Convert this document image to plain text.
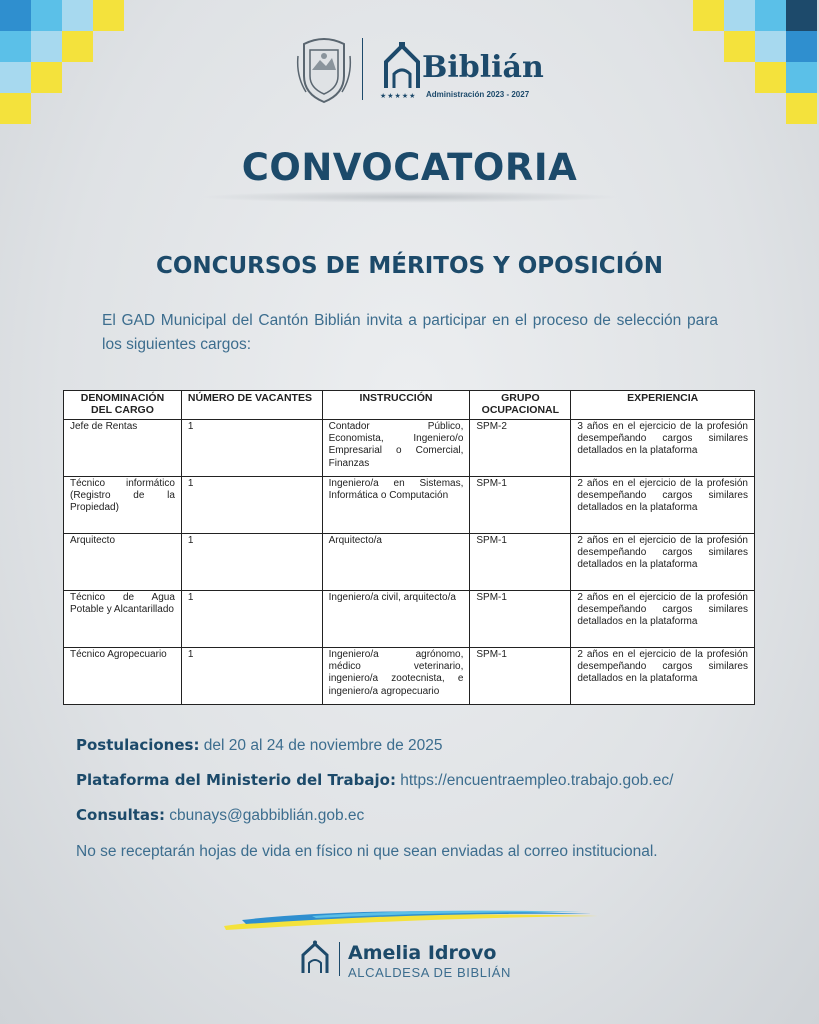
Biblián
★★★★★ Administración 2023 - 2027
CONVOCATORIA
CONCURSOS DE MÉRITOS Y OPOSICIÓN
El GAD Municipal del Cantón Biblián invita a participar en el proceso de selección para los siguientes cargos:
DENOMINACIÓN DEL CARGO	NÚMERO DE VACANTES	INSTRUCCIÓN	GRUPO OCUPACIONAL	EXPERIENCIA
Jefe de Rentas	1	Contador Público, Economista, Ingeniero/o Empresarial o Comercial, Finanzas	SPM-2	3 años en el ejercicio de la profesión desempeñando cargos similares detallados en la plataforma
Técnico informático (Registro de la Propiedad)	1	Ingeniero/a en Sistemas, Informática o Computación	SPM-1	2 años en el ejercicio de la profesión desempeñando cargos similares detallados en la plataforma
Arquitecto	1	Arquitecto/a	SPM-1	2 años en el ejercicio de la profesión desempeñando cargos similares detallados en la plataforma
Técnico de Agua Potable y Alcantarillado	1	Ingeniero/a civil, arquitecto/a	SPM-1	2 años en el ejercicio de la profesión desempeñando cargos similares detallados en la plataforma
Técnico Agropecuario	1	Ingeniero/a agrónomo, médico veterinario, ingeniero/a zootecnista, e ingeniero/a agropecuario	SPM-1	2 años en el ejercicio de la profesión desempeñando cargos similares detallados en la plataforma
Postulaciones: del 20 al 24 de noviembre de 2025
Plataforma del Ministerio del Trabajo: https://encuentraempleo.trabajo.gob.ec/
Consultas: cbunays@gabbiblián.gob.ec
No se receptarán hojas de vida en físico ni que sean enviadas al correo institucional.
Amelia Idrovo
ALCALDESA DE BIBLIÁN
